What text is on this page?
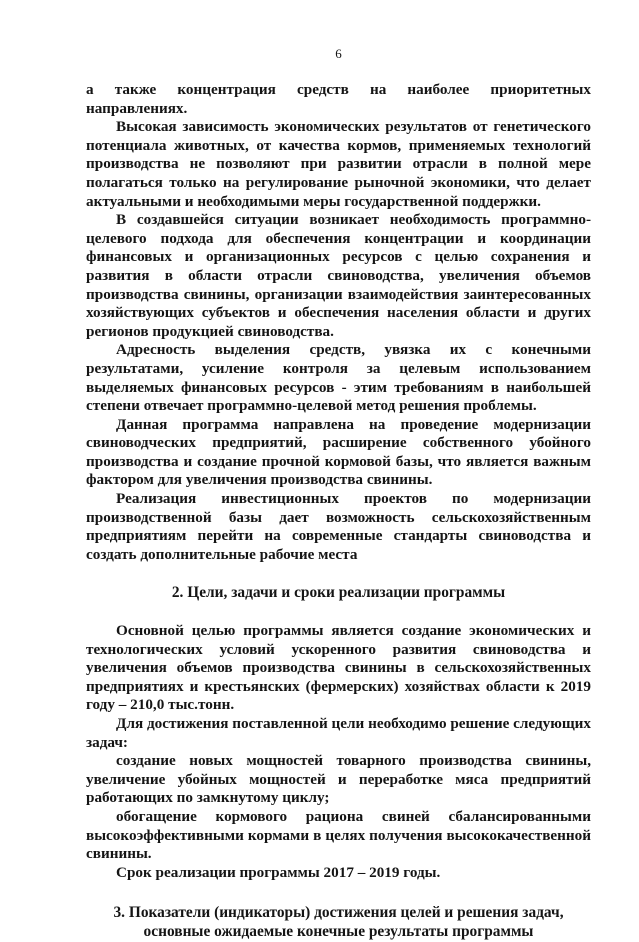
6

а также концентрация средств на наиболее приоритетных направлениях.

Высокая зависимость экономических результатов от генетического потенциала животных, от качества кормов, применяемых технологий производства не позволяют при развитии отрасли в полной мере полагаться только на регулирование рыночной экономики, что делает актуальными и необходимыми меры государственной поддержки.

В создавшейся ситуации возникает необходимость программно-целевого подхода для обеспечения концентрации и координации финансовых и организационных ресурсов с целью сохранения и развития в области отрасли свиноводства, увеличения объемов производства свинины, организации взаимодействия заинтересованных хозяйствующих субъектов и обеспечения населения области и других регионов продукцией свиноводства.

Адресность выделения средств, увязка их с конечными результатами, усиление контроля за целевым использованием выделяемых финансовых ресурсов - этим требованиям в наибольшей степени отвечает программно-целевой метод решения проблемы.

Данная программа направлена на проведение модернизации свиноводческих предприятий, расширение собственного убойного производства и создание прочной кормовой базы, что является важным фактором для увеличения производства свинины.

Реализация инвестиционных проектов по модернизации производственной базы дает возможность сельскохозяйственным предприятиям перейти на современные стандарты свиноводства и создать дополнительные рабочие места

2. Цели, задачи и сроки реализации программы

Основной целью программы является создание экономических и технологических условий ускоренного развития свиноводства и увеличения объемов производства свинины в сельскохозяйственных предприятиях и крестьянских (фермерских) хозяйствах области к 2019 году – 210,0 тыс.тонн.

Для достижения поставленной цели необходимо решение следующих задач:

создание новых мощностей товарного производства свинины, увеличение убойных мощностей и переработке мяса предприятий работающих по замкнутому циклу;

обогащение кормового рациона свиней сбалансированными высокоэффективными кормами в целях получения высококачественной свинины.

Срок реализации программы 2017 – 2019 годы.

3. Показатели (индикаторы) достижения целей и решения задач,
основные ожидаемые конечные результаты программы
